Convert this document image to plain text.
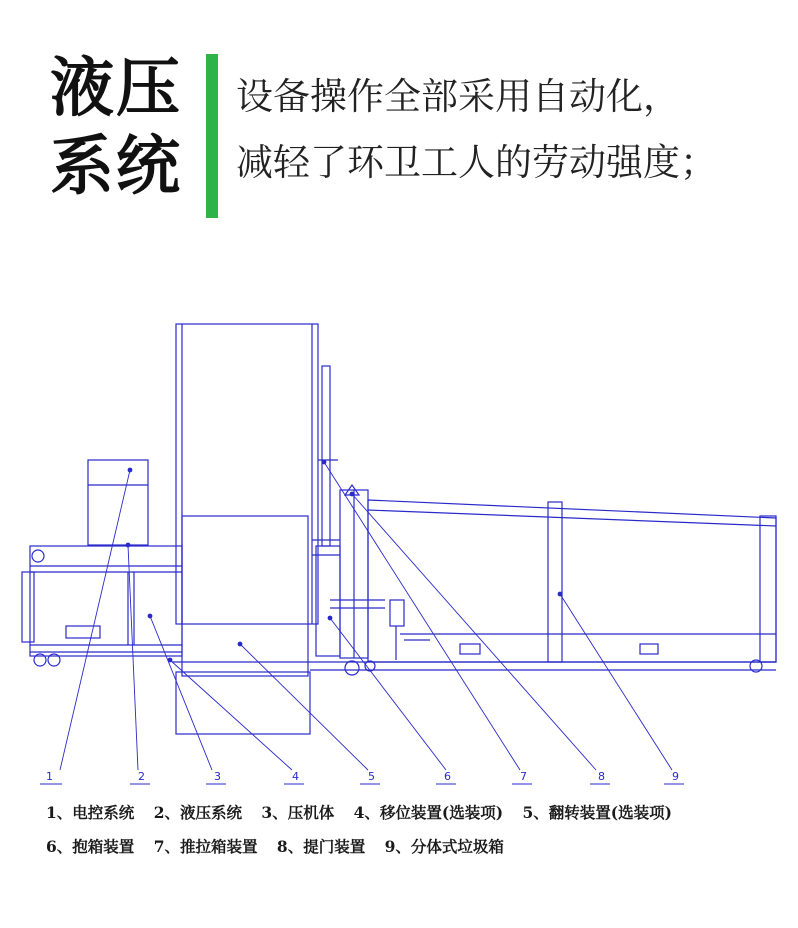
液压
系统
设备操作全部采用自动化，
减轻了环卫工人的劳动强度；
1	2	3	4	5	6	7	8	9
1、电控系统 2、液压系统 3、压机体 4、移位装置(选装项) 5、翻转装置(选装项)
6、抱箱装置 7、推拉箱装置 8、提门装置 9、分体式垃圾箱
